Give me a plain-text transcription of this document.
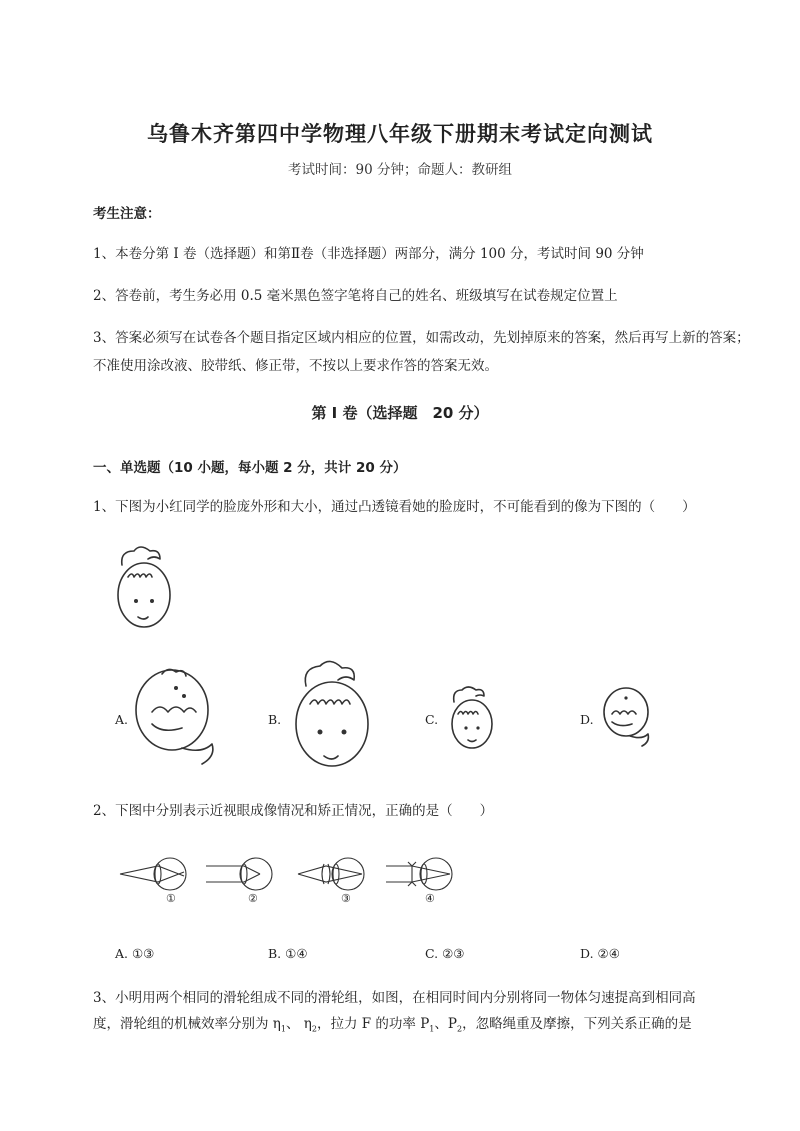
乌鲁木齐第四中学物理八年级下册期末考试定向测试
考试时间：90 分钟；命题人：教研组
考生注意：
1、本卷分第 I 卷（选择题）和第Ⅱ卷（非选择题）两部分，满分 100 分，考试时间 90 分钟
2、答卷前，考生务必用 0.5 毫米黑色签字笔将自己的姓名、班级填写在试卷规定位置上
3、答案必须写在试卷各个题目指定区域内相应的位置，如需改动，先划掉原来的答案，然后再写上新的答案；不准使用涂改液、胶带纸、修正带，不按以上要求作答的答案无效。
第 I 卷（选择题　20 分）
一、单选题（10 小题，每小题 2 分，共计 20 分）
1、下图为小红同学的脸庞外形和大小，通过凸透镜看她的脸庞时，不可能看到的像为下图的（　　）
A.	B.	C.	D.
2、下图中分别表示近视眼成像情况和矫正情况，正确的是（　　）
①	②	③	④
A. ①③	B. ①④	C. ②③	D. ②④
3、小明用两个相同的滑轮组成不同的滑轮组，如图，在相同时间内分别将同一物体匀速提高到相同高
度，滑轮组的机械效率分别为 $\eta_1$、 $\eta_2$，拉力 F 的功率 $P_1$、$P_2$，忽略绳重及摩擦，下列关系正确的是
